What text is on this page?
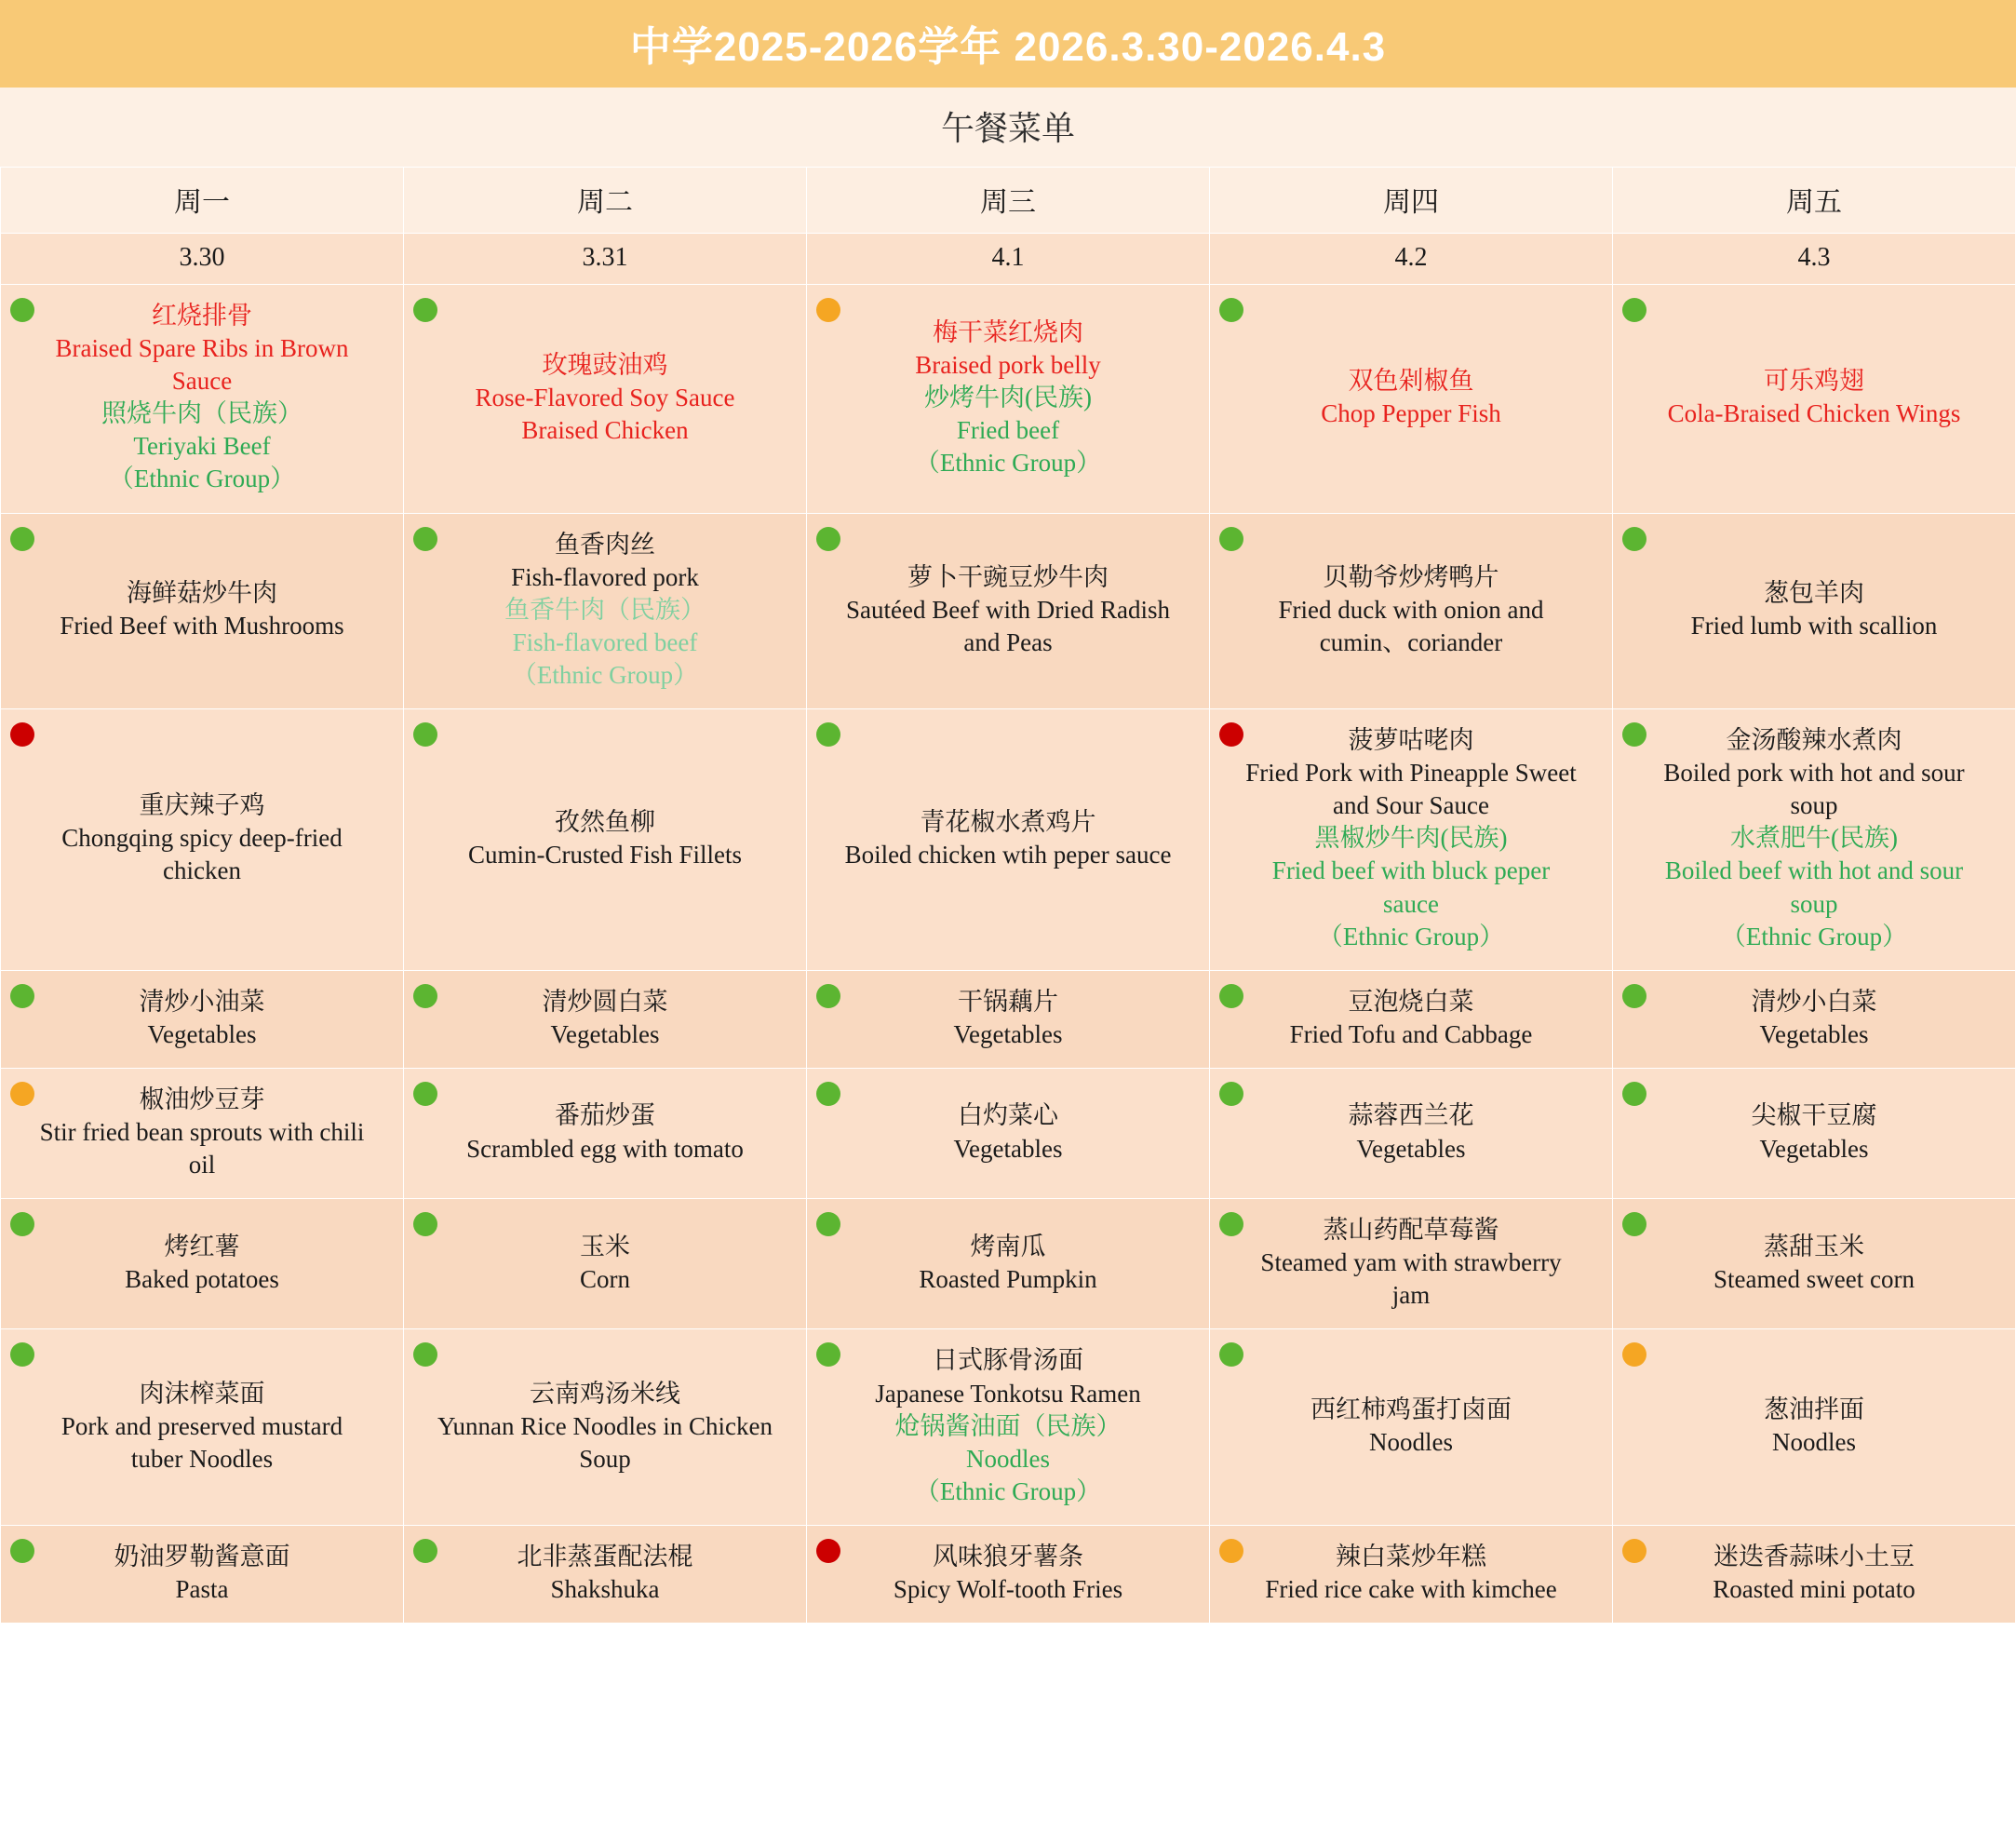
中学2025-2026学年 2026.3.30-2026.4.3
午餐菜单
周一	周二	周三	周四	周五
3.30	3.31	4.1	4.2	4.3

红烧排骨
Braised Spare Ribs in Brown Sauce
照烧牛肉（民族）
Teriyaki Beef
（Ethnic Group）	玫瑰豉油鸡
Rose-Flavored Soy Sauce Braised Chicken	梅干菜红烧肉
Braised pork belly
炒烤牛肉(民族)
Fried beef
（Ethnic Group）	双色剁椒鱼
Chop Pepper Fish	可乐鸡翅
Cola-Braised Chicken Wings

海鲜菇炒牛肉
Fried Beef with Mushrooms	鱼香肉丝
Fish-flavored pork
鱼香牛肉（民族）
Fish-flavored beef
（Ethnic Group）	萝卜干豌豆炒牛肉
Sautéed Beef with Dried Radish and Peas	贝勒爷炒烤鸭片
Fried duck with onion and cumin、coriander	葱包羊肉
Fried lumb with scallion

重庆辣子鸡
Chongqing spicy deep-fried chicken	孜然鱼柳
Cumin-Crusted Fish Fillets	青花椒水煮鸡片
Boiled chicken wtih peper sauce	菠萝咕咾肉
Fried Pork with Pineapple Sweet and Sour Sauce
黑椒炒牛肉(民族)
Fried beef with bluck peper sauce
（Ethnic Group）	金汤酸辣水煮肉
Boiled pork with hot and sour soup
水煮肥牛(民族)
Boiled beef with hot and sour soup
（Ethnic Group）

清炒小油菜
Vegetables	清炒圆白菜
Vegetables	干锅藕片
Vegetables	豆泡烧白菜
Fried Tofu and Cabbage	清炒小白菜
Vegetables

椒油炒豆芽
Stir fried bean sprouts with chili oil	番茄炒蛋
Scrambled egg with tomato	白灼菜心
Vegetables	蒜蓉西兰花
Vegetables	尖椒干豆腐
Vegetables

烤红薯
Baked potatoes	玉米
Corn	烤南瓜
Roasted Pumpkin	蒸山药配草莓酱
Steamed yam with strawberry jam	蒸甜玉米
Steamed sweet corn

肉沫榨菜面
Pork and preserved mustard tuber Noodles	云南鸡汤米线
Yunnan Rice Noodles in Chicken Soup	日式豚骨汤面
Japanese Tonkotsu Ramen
炝锅酱油面（民族）
Noodles
（Ethnic Group）	西红柿鸡蛋打卤面
Noodles	葱油拌面
Noodles

奶油罗勒酱意面
Pasta	北非蒸蛋配法棍
Shakshuka	风味狼牙薯条
Spicy Wolf-tooth Fries	辣白菜炒年糕
Fried rice cake with kimchee	迷迭香蒜味小土豆
Roasted mini potato
